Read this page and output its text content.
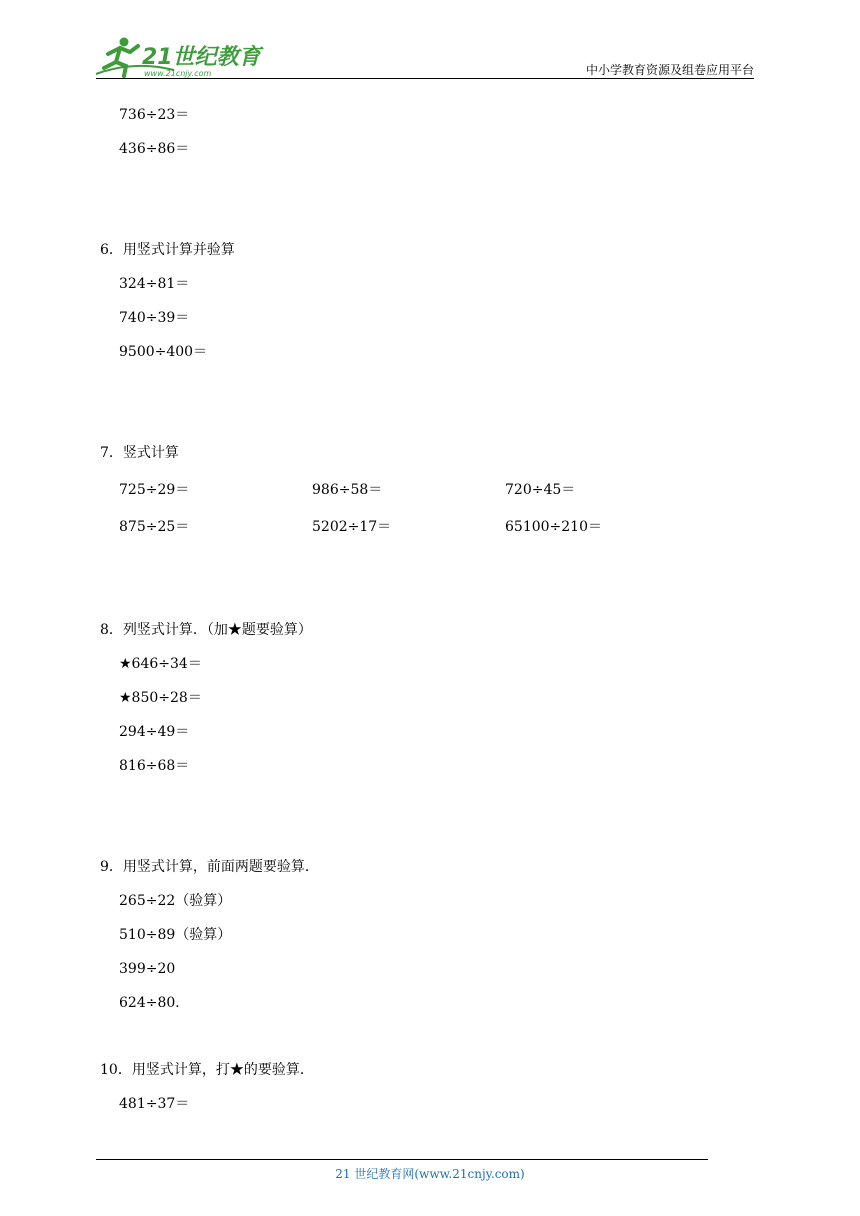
21世纪教育
www.21cnjy.com	中小学教育资源及组卷应用平台
736÷23＝
436÷86＝
6．用竖式计算并验算
324÷81＝
740÷39＝
9500÷400＝
7．竖式计算
725÷29＝	986÷58＝	720÷45＝
875÷25＝	5202÷17＝	65100÷210＝
8．列竖式计算．（加★题要验算）
★646÷34＝
★850÷28＝
294÷49＝
816÷68＝
9．用竖式计算，前面两题要验算．
265÷22（验算）
510÷89（验算）
399÷20
624÷80．
10．用竖式计算，打★的要验算．
481÷37＝
21 世纪教育网(www.21cnjy.com)
